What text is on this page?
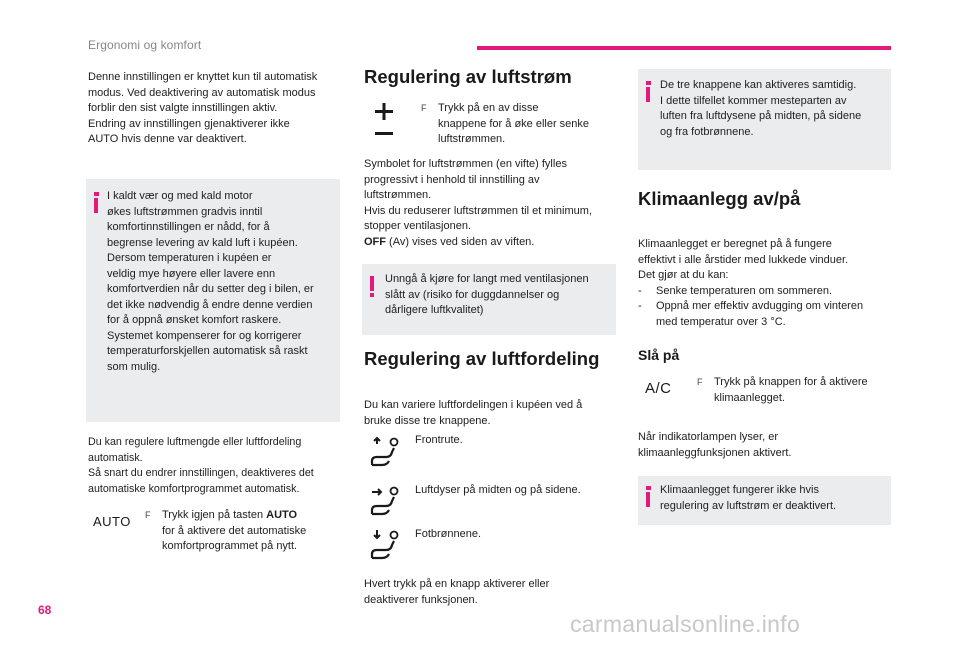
Ergonomi og komfort
Denne innstillingen er knyttet kun til automatisk
modus. Ved deaktivering av automatisk modus
forblir den sist valgte innstillingen aktiv.
Endring av innstillingen gjenaktiverer ikke
AUTO hvis denne var deaktivert.
I kaldt vær og med kald motor
økes luftstrømmen gradvis inntil
komfortinnstillingen er nådd, for å
begrense levering av kald luft i kupéen.
Dersom temperaturen i kupéen er
veldig mye høyere eller lavere enn
komfortverdien når du setter deg i bilen, er
det ikke nødvendig å endre denne verdien
for å oppnå ønsket komfort raskere.
Systemet kompenserer for og korrigerer
temperaturforskjellen automatisk så raskt
som mulig.
Du kan regulere luftmengde eller luftfordeling
automatisk.
Så snart du endrer innstillingen, deaktiveres det
automatiske komfortprogrammet automatisk.
AUTO F Trykk igjen på tasten AUTO
for å aktivere det automatiske
komfortprogrammet på nytt.
Regulering av luftstrøm
F Trykk på en av disse
knappene for å øke eller senke
luftstrømmen.
Symbolet for luftstrømmen (en vifte) fylles
progressivt i henhold til innstilling av
luftstrømmen.
Hvis du reduserer luftstrømmen til et minimum,
stopper ventilasjonen.
OFF (Av) vises ved siden av viften.
Unngå å kjøre for langt med ventilasjonen
slått av (risiko for duggdannelser og
dårligere luftkvalitet)
Regulering av luftfordeling
Du kan variere luftfordelingen i kupéen ved å
bruke disse tre knappene.
Frontrute.
Luftdyser på midten og på sidene.
Fotbrønnene.
Hvert trykk på en knapp aktiverer eller
deaktiverer funksjonen.
De tre knappene kan aktiveres samtidig.
I dette tilfellet kommer mesteparten av
luften fra luftdysene på midten, på sidene
og fra fotbrønnene.
Klimaanlegg av/på
Klimaanlegget er beregnet på å fungere
effektivt i alle årstider med lukkede vinduer.
Det gjør at du kan:
- Senke temperaturen om sommeren.
- Oppnå mer effektiv avdugging om vinteren
med temperatur over 3 °C.
Slå på
A/C	F Trykk på knappen for å aktivere
klimaanlegget.
Når indikatorlampen lyser, er
klimaanleggfunksjonen aktivert.
Klimaanlegget fungerer ikke hvis
regulering av luftstrøm er deaktivert.
68
carmanualsonline.info
